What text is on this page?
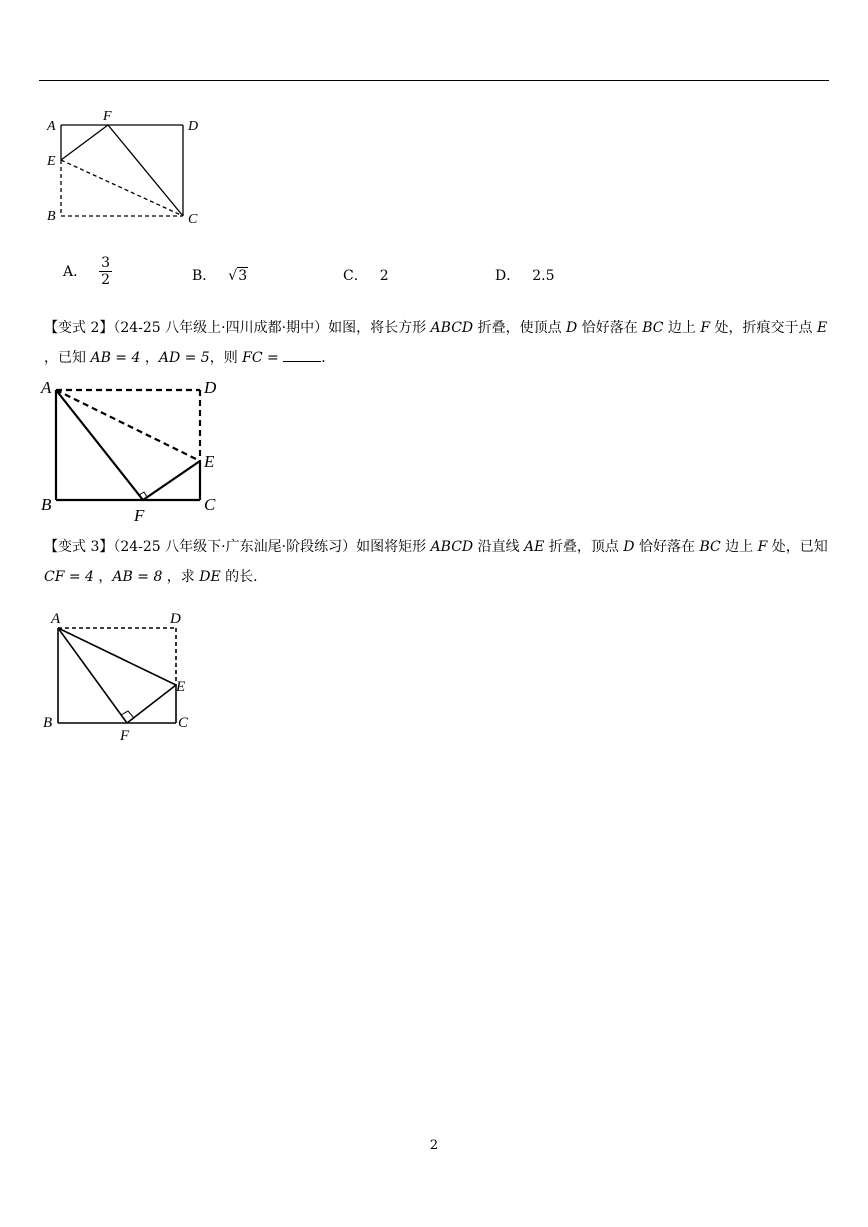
A
F
D
E
B	C
A． $\frac{3}{2}$	B． √3	C． 2	D． 2.5
【变式 2】（24-25 八年级上·四川成都·期中）如图，将长方形 ABCD 折叠，使顶点 D 恰好落在 BC 边上 F 处，折痕交于点 E ，已知 AB = 4 ，AD = 5，则 FC =	．
A	D
E
B
F
C
【变式 3】（24-25 八年级下·广东汕尾·阶段练习）如图将矩形 ABCD 沿直线 AE 折叠，顶点 D 恰好落在 BC 边上 F 处，已知 CF = 4 ，AB = 8 ，求 DE 的长．
A	D
E
B
F
C
2
